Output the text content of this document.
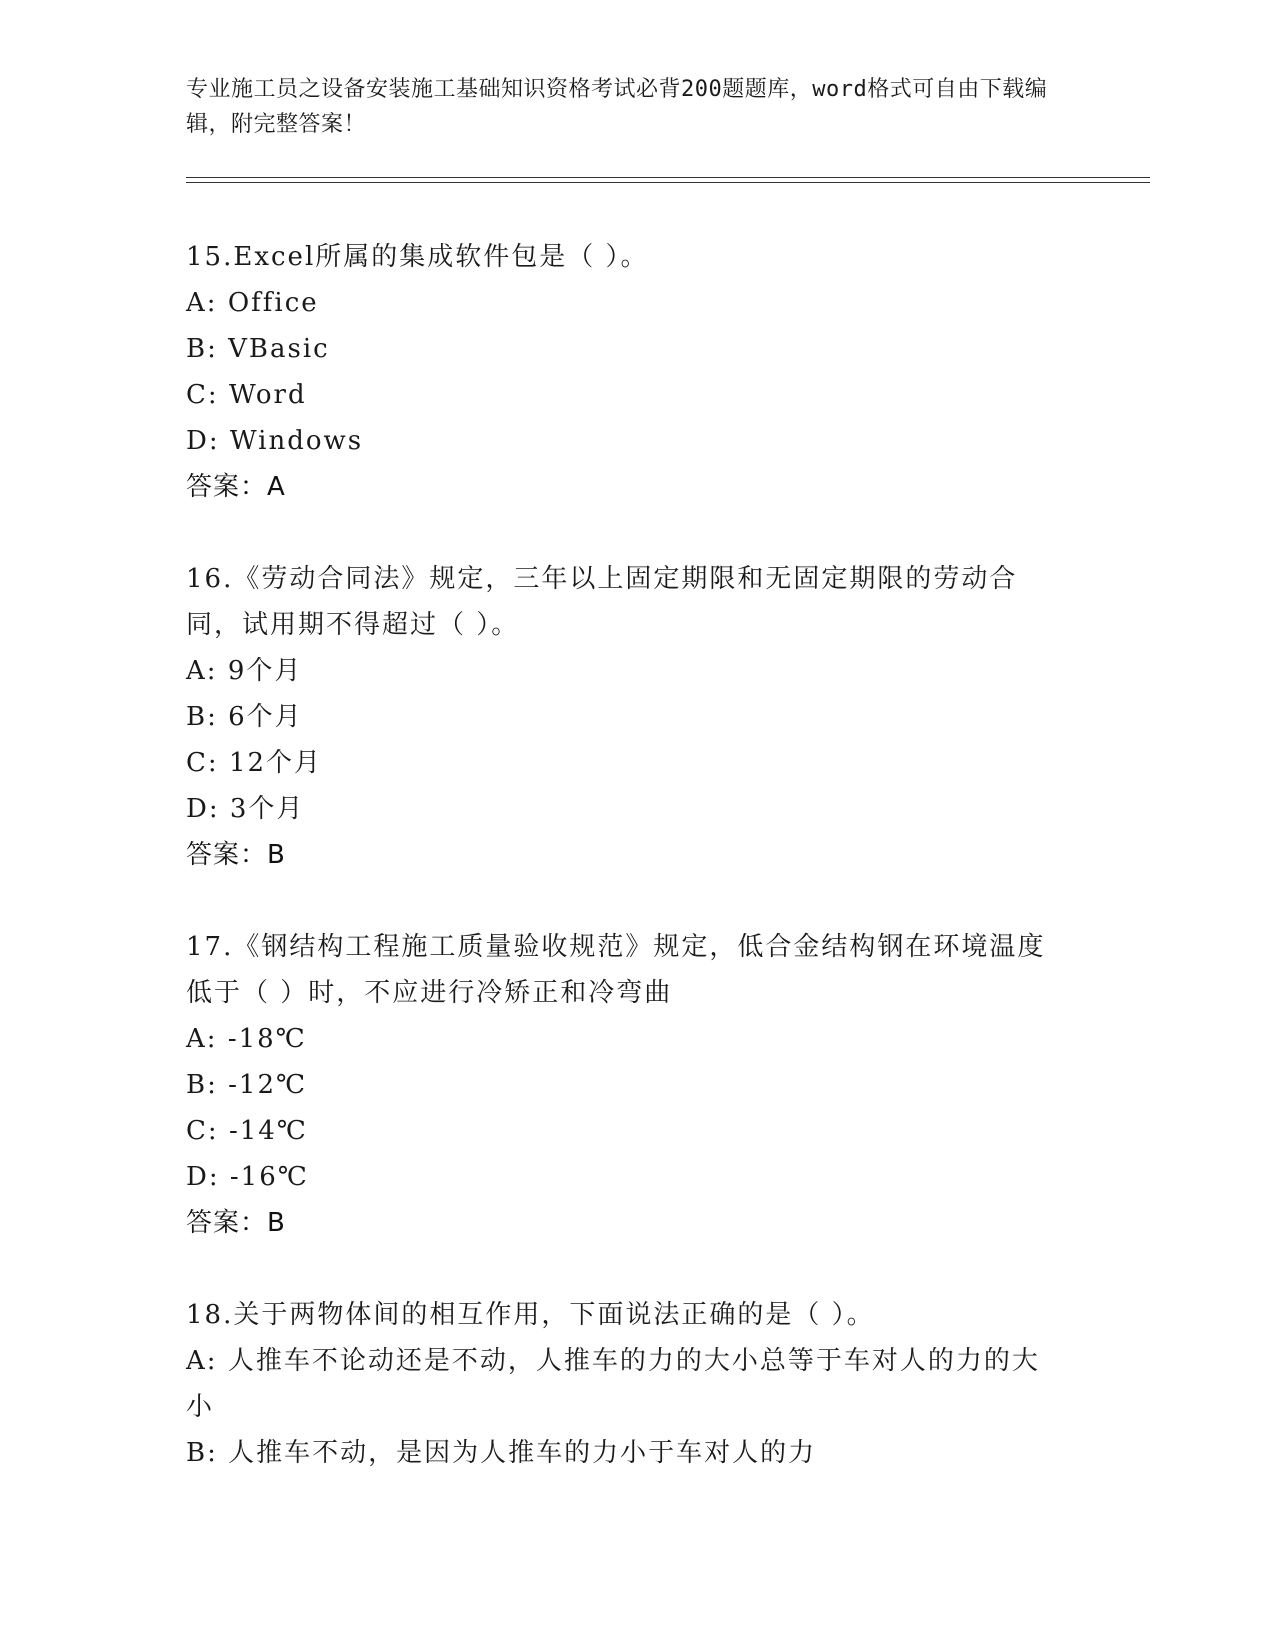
专业施工员之设备安装施工基础知识资格考试必背200题题库，word格式可自由下载编辑，附完整答案！
15.Excel所属的集成软件包是（ ）。
A: Office
B: VBasic
C: Word
D: Windows
答案：A
16.《劳动合同法》规定，三年以上固定期限和无固定期限的劳动合同，试用期不得超过（ ）。
A: 9个月
B: 6个月
C: 12个月
D: 3个月
答案：B
17.《钢结构工程施工质量验收规范》规定，低合金结构钢在环境温度低于（ ）时，不应进行冷矫正和冷弯曲
A: -18℃
B: -12℃
C: -14℃
D: -16℃
答案：B
18.关于两物体间的相互作用，下面说法正确的是（ ）。
A: 人推车不论动还是不动，人推车的力的大小总等于车对人的力的大小
B: 人推车不动，是因为人推车的力小于车对人的力
